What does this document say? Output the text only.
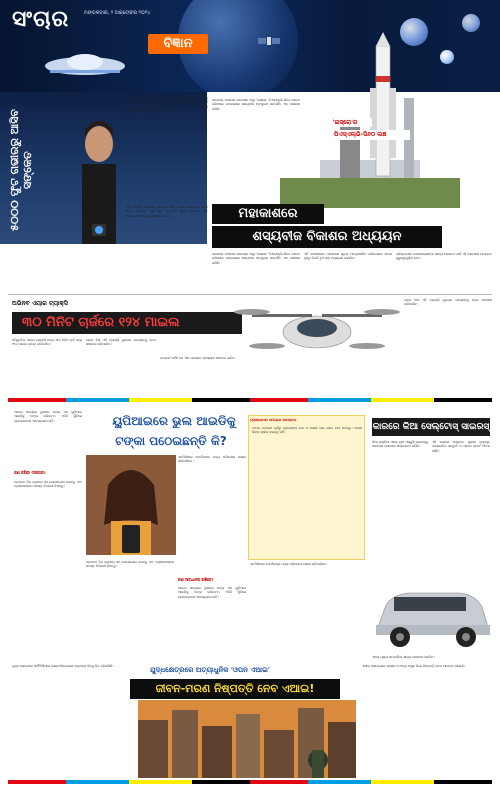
ସଂଚାର	ମଙ୍ଗଳବାର, ୨ ଅକ୍ଟୋବର ୨୦୨୪
ବିଜ୍ଞାନ
୫୦୦୦ ଫୁଟ ଗଭୀରରୁ ଆସିବ ସଙ୍କେତ
ମଣିଷ ପାଇଁ ଏମିତି ଏକ ଘଣ୍ଟା ଯାହାକୁ ପିନ୍ଧିଲେ ସମୁଦ୍ରର ଗଭୀରରୁ ମଧ୍ୟ ସଙ୍କେତ ପଠାଇ ହେବ। ନୂଆ ପ୍ରଯୁକ୍ତି ସାହାଯ୍ୟରେ ଏହି ଘଣ୍ଟା ପ୍ରାୟ ୫୦୦୦ ଫୁଟ ଗଭୀରତାରୁ ବି କାମ କରିବ ବୋଲି ବୈଜ୍ଞାନିକମାନେ କହିଛନ୍ତି।
ଏହି ଘଣ୍ଟାଟି ସାଧାରଣ ଲୋକଙ୍କ ପାଇଁ ମଧ୍ୟ ଉପଯୋଗୀ ହେବ। ବିପଦ ସମୟରେ ଏହା ସ୍ଥାନ ସମ୍ପର୍କିତ ସୂଚନା ପଠାଇବ ଏବଂ ଉଦ୍ଧାରକାରୀ ଦଳକୁ ସହାୟତା କରିବ।
ଭାରତୀୟ ମହାକାଶ ଗବେଷଣା ସଂସ୍ଥା 'ଇସ୍ରୋ' ପିଏସ୍ଏଲ୍ଭି-ସି୬୦ ରକେଟ ଜରିଆରେ ମହାକାଶରେ ଶସ୍ୟବୀଜ ଅଙ୍କୁରଣ ସମ୍ପର୍କିତ ଏକ ପରୀକ୍ଷଣ କରିଛି।
'ଇସ୍ରୋ'ର
ପିଏସ୍ଏଲ୍ଭି-ସି୬୦ ଲଞ୍ଚ
ମହାକାଶରେ
ଶସ୍ୟବୀଜ ବିକାଶର ଅଧ୍ୟୟନ
ଭାରତୀୟ ମହାକାଶ ଗବେଷଣା ସଂସ୍ଥା 'ଇସ୍ରୋ' ପିଏସ୍ଏଲ୍ଭି-ସି୬୦ ରକେଟ ଜରିଆରେ ମହାକାଶରେ ଶସ୍ୟବୀଜ ଅଙ୍କୁରଣ ସମ୍ପର୍କିତ ଏକ ପରୀକ୍ଷଣ କରିଛି।
ଏହି ପରୀକ୍ଷଣରେ ମହାକାଶର ଶୂନ୍ୟ ମାଧ୍ୟାକର୍ଷଣ ପରିବେଶରେ ବୀଜର ବୃଦ୍ଧି କିପରି ହୁଏ ତାହା ଅଧ୍ୟୟନ କରାଯିବ।
ଭବିଷ୍ୟତରେ ମହାକାଶଚାରୀଙ୍କ ଖାଦ୍ୟ ଯୋଗାଣ ପାଇଁ ଏହି ଗବେଷଣା ଅତ୍ୟନ୍ତ ଗୁରୁତ୍ୱପୂର୍ଣ୍ଣ ହେବ।
ଅଭିନବ ଏୟାର ଟ୍ୟାକ୍ସି
୩୦ ମିନିଟ ଚାର୍ଜରେ ୧୨୪ ମାଇଲ
ବୈଦ୍ୟୁତିକ ଏୟାର ଟ୍ୟାକ୍ସି ମାତ୍ର ୩୦ ମିନିଟ ଚାର୍ଜ ପରେ ୧୨୪ ମାଇଲ ଯାତ୍ରା କରିପାରିବ।
ଚାଳକ ବିନା ଏହି ଟ୍ୟାକ୍ସି ଦୁଇଜଣ ଯାତ୍ରୀଙ୍କୁ ନେଇ ସହରରେ ଉଡ଼ିପାରିବ।
କମ୍ପାନୀ କହିଛି ଯେ ଏହା ଯାତାୟାତ ସମସ୍ୟାର ସମାଧାନ କରିବ।
ଚାଳକ ବିନା ଏହି ଟ୍ୟାକ୍ସି ଦୁଇଜଣ ଯାତ୍ରୀଙ୍କୁ ନେଇ ସହରରେ ଉଡ଼ିପାରିବ।
ୟୁପିଆଇରେ ଭୁଲ ଆଇଡିକୁ
ଟଙ୍କା ପଠେଇଛନ୍ତି କି?
ଅନେକ ସମୟରେ ଭୁଲରେ ଅନ୍ୟ ଏକ ୟୁପିଆଇ ଆଇଡିକୁ ଟଙ୍କା ଚାଲିଯାଏ। ଏମିତି ସ୍ଥିତିରେ ଘାବରେଇବାର ଆବଶ୍ୟକତା ନାହିଁ।
କଣ କରିବା ଦରକାର?
ପ୍ରଥମେ ନିଜ ବ୍ୟାଙ୍କ ସହ ଯୋଗାଯୋଗ କରନ୍ତୁ ଏବଂ ଟ୍ରାଞ୍ଜାକସନର ସମସ୍ତ ବିବରଣୀ ଦିଅନ୍ତୁ।
ଏନପିସିଆଇ ପୋର୍ଟାଲରେ ମଧ୍ୟ ଅଭିଯୋଗ ଦାଖଲ କରିପାରିବେ।
କଣ ସାବଧାନତା ରଖିବେ?
ଅନେକ ସମୟରେ ଭୁଲରେ ଅନ୍ୟ ଏକ ୟୁପିଆଇ ଆଇଡିକୁ ଟଙ୍କା ଚାଲିଯାଏ। ଏମିତି ସ୍ଥିତିରେ ଘାବରେଇବାର ଆବଶ୍ୟକତା ନାହିଁ।
ପ୍ରଥମେ ନିଜ ବ୍ୟାଙ୍କ ସହ ଯୋଗାଯୋଗ କରନ୍ତୁ ଏବଂ ଟ୍ରାଞ୍ଜାକସନର ସମସ୍ତ ବିବରଣୀ ଦିଅନ୍ତୁ।
ଟ୍ରାଞ୍ଜାକସନ ସମୟରେ ସାବଧାନତା
ଟଙ୍କା ପଠାଇବା ପୂର୍ବରୁ ପ୍ରାପକଙ୍କ ନାମ ଓ ଆଇଡି ଭଲ ଭାବେ ଯାଞ୍ଚ କରନ୍ତୁ। ଅଜଣା ଲିଙ୍କ କ୍ଲିକ କରନ୍ତୁ ନାହିଁ।
ଏନପିସିଆଇ ପୋର୍ଟାଲରେ ମଧ୍ୟ ଅଭିଯୋଗ ଦାଖଲ କରିପାରିବେ।
କାରରେ କିଆ ସେଲ୍‌ଟୋସ୍ ସାଇରସ୍
କିଆ ଇଣ୍ଡିଆ ଏହାର ନୂଆ ଏସୟୁଭି ସାଇରସ୍‌କୁ ଭାରତୀୟ ବଜାରରେ ଉନ୍ମୋଚନ କରିଛି।
ଏହି କାରରେ ଅଧୁନାତନ ସୁରକ୍ଷା ବ୍ୟବସ୍ଥା, ପାନୋରାମିକ ସନରୁଫ ଓ ଅନେକ ସ୍ମାର୍ଟ ଫିଚର ରହିଛି।
ଏହାର ମୂଲ୍ୟ ସମ୍ପର୍କରେ ଶୀଘ୍ର ଘୋଷଣା କରାଯିବ।
ଯୁଦ୍ଧ କ୍ଷେତ୍ରରେ ଆର୍ଟିଫିସିଆଲ ଇଣ୍ଟେଲିଜେନ୍ସର ବ୍ୟବହାର ଦିନକୁ ଦିନ ବଢ଼ିଚାଲିଛି।	ଯୁଦ୍ଧକ୍ଷେତ୍ରରେ ଅତ୍ୟାଧୁନିକ 'ଓପନ ଏଆଇ'
ଜୀବନ-ମରଣ ନିଷ୍ପତ୍ତି ନେବ ଏଆଇ!
ଏଆଇ ସାହାଯ୍ୟରେ ଡ୍ରୋନ ଓ ଅନ୍ୟ ଅସ୍ତ୍ର ନିଜେ ନିଷ୍ପତ୍ତି ନେବା ଆରମ୍ଭ କଲେଣି।
